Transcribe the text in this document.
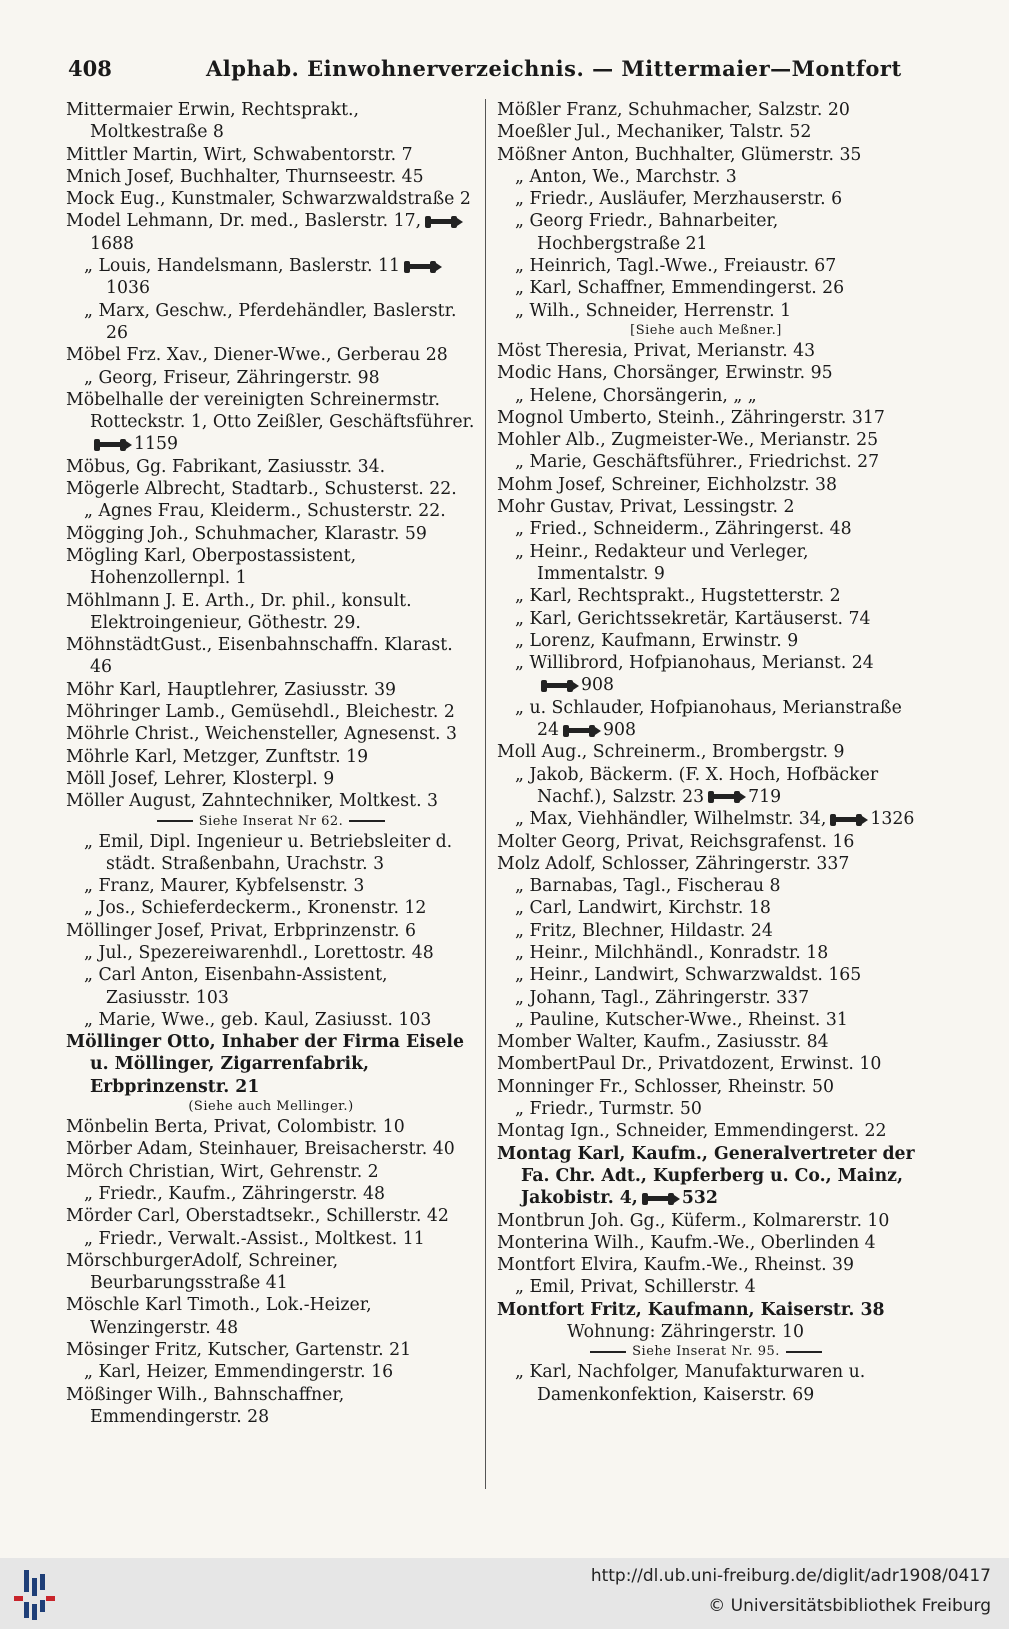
408	Alphab. Einwohnerverzeichnis. — Mittermaier—Montfort

Mittermaier Erwin, Rechtsprakt., Moltkestraße 8

Mittler Martin, Wirt, Schwabentorstr. 7

Mnich Josef, Buchhalter, Thurnseestr. 45

Mock Eug., Kunstmaler, Schwarzwaldstraße 2

Model Lehmann, Dr. med., Baslerstr. 17,1688

„ Louis, Handelsmann, Baslerstr. 111036

„ Marx, Geschw., Pferdehändler, Baslerstr. 26

Möbel Frz. Xav., Diener-Wwe., Gerberau 28

„ Georg, Friseur, Zähringerstr. 98

Möbelhalle der vereinigten Schreinermstr. Rotteckstr. 1, Otto Zeißler, Geschäftsführer.1159

Möbus, Gg. Fabrikant, Zasiusstr. 34.

Mögerle Albrecht, Stadtarb., Schusterst. 22.

„ Agnes Frau, Kleiderm., Schusterstr. 22.

Mögging Joh., Schuhmacher, Klarastr. 59

Mögling Karl, Oberpostassistent, Hohenzollernpl. 1

Möhlmann J. E. Arth., Dr. phil., konsult. Elektroingenieur, Göthestr. 29.

MöhnstädtGust., Eisenbahnschaffn. Klarast. 46

Möhr Karl, Hauptlehrer, Zasiusstr. 39

Möhringer Lamb., Gemüsehdl., Bleichestr. 2

Möhrle Christ., Weichensteller, Agnesenst. 3

Möhrle Karl, Metzger, Zunftstr. 19

Möll Josef, Lehrer, Klosterpl. 9

Möller August, Zahntechniker, Moltkest. 3

Siehe Inserat Nr 62.

„ Emil, Dipl. Ingenieur u. Betriebsleiter d. städt. Straßenbahn, Urachstr. 3

„ Franz, Maurer, Kybfelsenstr. 3

„ Jos., Schieferdeckerm., Kronenstr. 12

Möllinger Josef, Privat, Erbprinzenstr. 6

„ Jul., Spezereiwarenhdl., Lorettostr. 48

„ Carl Anton, Eisenbahn-Assistent, Zasiusstr. 103

„ Marie, Wwe., geb. Kaul, Zasiusst. 103

Möllinger Otto, Inhaber der Firma Eisele u. Möllinger, Zigarrenfabrik, Erbprinzenstr. 21

(Siehe auch Mellinger.)

Mönbelin Berta, Privat, Colombistr. 10

Mörber Adam, Steinhauer, Breisacherstr. 40

Mörch Christian, Wirt, Gehrenstr. 2

„ Friedr., Kaufm., Zähringerstr. 48

Mörder Carl, Oberstadtsekr., Schillerstr. 42

„ Friedr., Verwalt.-Assist., Moltkest. 11

MörschburgerAdolf, Schreiner, Beurbarungsstraße 41

Möschle Karl Timoth., Lok.-Heizer, Wenzingerstr. 48

Mösinger Fritz, Kutscher, Gartenstr. 21

„ Karl, Heizer, Emmendingerstr. 16

Mößinger Wilh., Bahnschaffner, Emmendingerstr. 28

Mößler Franz, Schuhmacher, Salzstr. 20

Moeßler Jul., Mechaniker, Talstr. 52

Mößner Anton, Buchhalter, Glümerstr. 35

„ Anton, We., Marchstr. 3

„ Friedr., Ausläufer, Merzhauserstr. 6

„ Georg Friedr., Bahnarbeiter, Hochbergstraße 21

„ Heinrich, Tagl.-Wwe., Freiaustr. 67

„ Karl, Schaffner, Emmendingerst. 26

„ Wilh., Schneider, Herrenstr. 1

[Siehe auch Meßner.]

Möst Theresia, Privat, Merianstr. 43

Modic Hans, Chorsänger, Erwinstr. 95

„ Helene, Chorsängerin, „ „

Mognol Umberto, Steinh., Zähringerstr. 317

Mohler Alb., Zugmeister-We., Merianstr. 25

„ Marie, Geschäftsführer., Friedrichst. 27

Mohm Josef, Schreiner, Eichholzstr. 38

Mohr Gustav, Privat, Lessingstr. 2

„ Fried., Schneiderm., Zähringerst. 48

„ Heinr., Redakteur und Verleger, Immentalstr. 9

„ Karl, Rechtsprakt., Hugstetterstr. 2

„ Karl, Gerichtssekretär, Kartäuserst. 74

„ Lorenz, Kaufmann, Erwinstr. 9

„ Willibrord, Hofpianohaus, Merianst. 24908

„ u. Schlauder, Hofpianohaus, Merianstraße 24	908

Moll Aug., Schreinerm., Brombergstr. 9

„ Jakob, Bäckerm. (F. X. Hoch, Hofbäcker Nachf.), Salzstr. 23	719

„ Max, Viehhändler, Wilhelmstr. 34,	1326

Molter Georg, Privat, Reichsgrafenst. 16

Molz Adolf, Schlosser, Zähringerstr. 337

„ Barnabas, Tagl., Fischerau 8

„ Carl, Landwirt, Kirchstr. 18

„ Fritz, Blechner, Hildastr. 24

„ Heinr., Milchhändl., Konradstr. 18

„ Heinr., Landwirt, Schwarzwaldst. 165

„ Johann, Tagl., Zähringerstr. 337

„ Pauline, Kutscher-Wwe., Rheinst. 31

Momber Walter, Kaufm., Zasiusstr. 84

MombertPaul Dr., Privatdozent, Erwinst. 10

Monninger Fr., Schlosser, Rheinstr. 50

„ Friedr., Turmstr. 50

Montag Ign., Schneider, Emmendingerst. 22

Montag Karl, Kaufm., Generalvertreter der Fa. Chr. Adt., Kupferberg u. Co., Mainz, Jakobistr. 4,	532

Montbrun Joh. Gg., Küferm., Kolmarerstr. 10

Monterina Wilh., Kaufm.-We., Oberlinden 4

Montfort Elvira, Kaufm.-We., Rheinst. 39

„ Emil, Privat, Schillerstr. 4

Montfort Fritz, Kaufmann, Kaiserstr. 38

Wohnung: Zähringerstr. 10

Siehe Inserat Nr. 95.

„ Karl, Nachfolger, Manufakturwaren u. Damenkonfektion, Kaiserstr. 69

http://dl.ub.uni-freiburg.de/diglit/adr1908/0417
© Universitätsbibliothek Freiburg
